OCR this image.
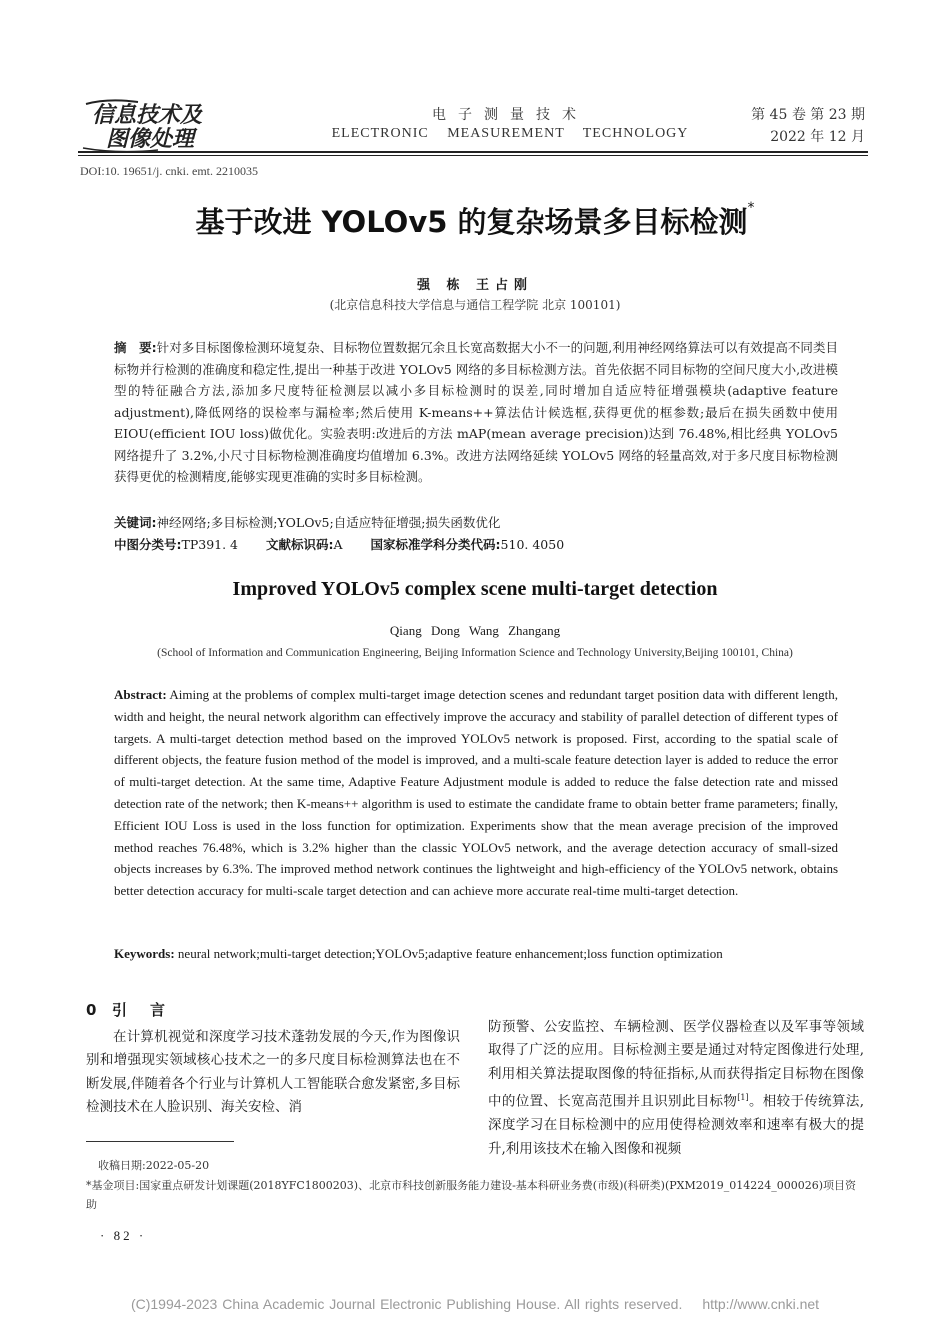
信息技术及
图像处理
电子测量技术
ELECTRONIC MEASUREMENT TECHNOLOGY
第 45 卷 第 23 期
2022 年 12 月
DOI:10. 19651/j. cnki. emt. 2210035
基于改进 YOLOv5 的复杂场景多目标检测*
强 栋 王占刚
(北京信息科技大学信息与通信工程学院 北京 100101)
摘　要:针对多目标图像检测环境复杂、目标物位置数据冗余且长宽高数据大小不一的问题,利用神经网络算法可以有效提高不同类目标物并行检测的准确度和稳定性,提出一种基于改进 YOLOv5 网络的多目标检测方法。首先依据不同目标物的空间尺度大小,改进模型的特征融合方法,添加多尺度特征检测层以减小多目标检测时的误差,同时增加自适应特征增强模块(adaptive feature adjustment),降低网络的误检率与漏检率;然后使用 K-means++算法估计候选框,获得更优的框参数;最后在损失函数中使用 EIOU(efficient IOU loss)做优化。实验表明:改进后的方法 mAP(mean average precision)达到 76.48%,相比经典 YOLOv5 网络提升了 3.2%,小尺寸目标物检测准确度均值增加 6.3%。改进方法网络延续 YOLOv5 网络的轻量高效,对于多尺度目标物检测获得更优的检测精度,能够实现更准确的实时多目标检测。
关键词:神经网络;多目标检测;YOLOv5;自适应特征增强;损失函数优化
中图分类号:TP391. 4 文献标识码:A 国家标准学科分类代码:510. 4050
Improved YOLOv5 complex scene multi-target detection
Qiang Dong Wang Zhangang
(School of Information and Communication Engineering, Beijing Information Science and Technology University,Beijing 100101, China)
Abstract: Aiming at the problems of complex multi-target image detection scenes and redundant target position data with different length, width and height, the neural network algorithm can effectively improve the accuracy and stability of parallel detection of different types of targets. A multi-target detection method based on the improved YOLOv5 network is proposed. First, according to the spatial scale of different objects, the feature fusion method of the model is improved, and a multi-scale feature detection layer is added to reduce the error of multi-target detection. At the same time, Adaptive Feature Adjustment module is added to reduce the false detection rate and missed detection rate of the network; then K-means++ algorithm is used to estimate the candidate frame to obtain better frame parameters; finally, Efficient IOU Loss is used in the loss function for optimization. Experiments show that the mean average precision of the improved method reaches 76.48%, which is 3.2% higher than the classic YOLOv5 network, and the average detection accuracy of small-sized objects increases by 6.3%. The improved method network continues the lightweight and high-efficiency of the YOLOv5 network, obtains better detection accuracy for multi-scale target detection and can achieve more accurate real-time multi-target detection.
Keywords: neural network;multi-target detection;YOLOv5;adaptive feature enhancement;loss function optimization
0 引　言
在计算机视觉和深度学习技术蓬勃发展的今天,作为图像识别和增强现实领域核心技术之一的多尺度目标检测算法也在不断发展,伴随着各个行业与计算机人工智能联合愈发紧密,多目标检测技术在人脸识别、海关安检、消
防预警、公安监控、车辆检测、医学仪器检查以及军事等领域取得了广泛的应用。目标检测主要是通过对特定图像进行处理,利用相关算法提取图像的特征指标,从而获得指定目标物在图像中的位置、长宽高范围并且识别此目标物[1]。相较于传统算法,深度学习在目标检测中的应用使得检测效率和速率有极大的提升,利用该技术在输入图像和视频
收稿日期:2022-05-20
*基金项目:国家重点研发计划课题(2018YFC1800203)、北京市科技创新服务能力建设-基本科研业务费(市级)(科研类)(PXM2019_014224_000026)项目资助
· 82 ·
(C)1994-2023 China Academic Journal Electronic Publishing House. All rights reserved. http://www.cnki.net
